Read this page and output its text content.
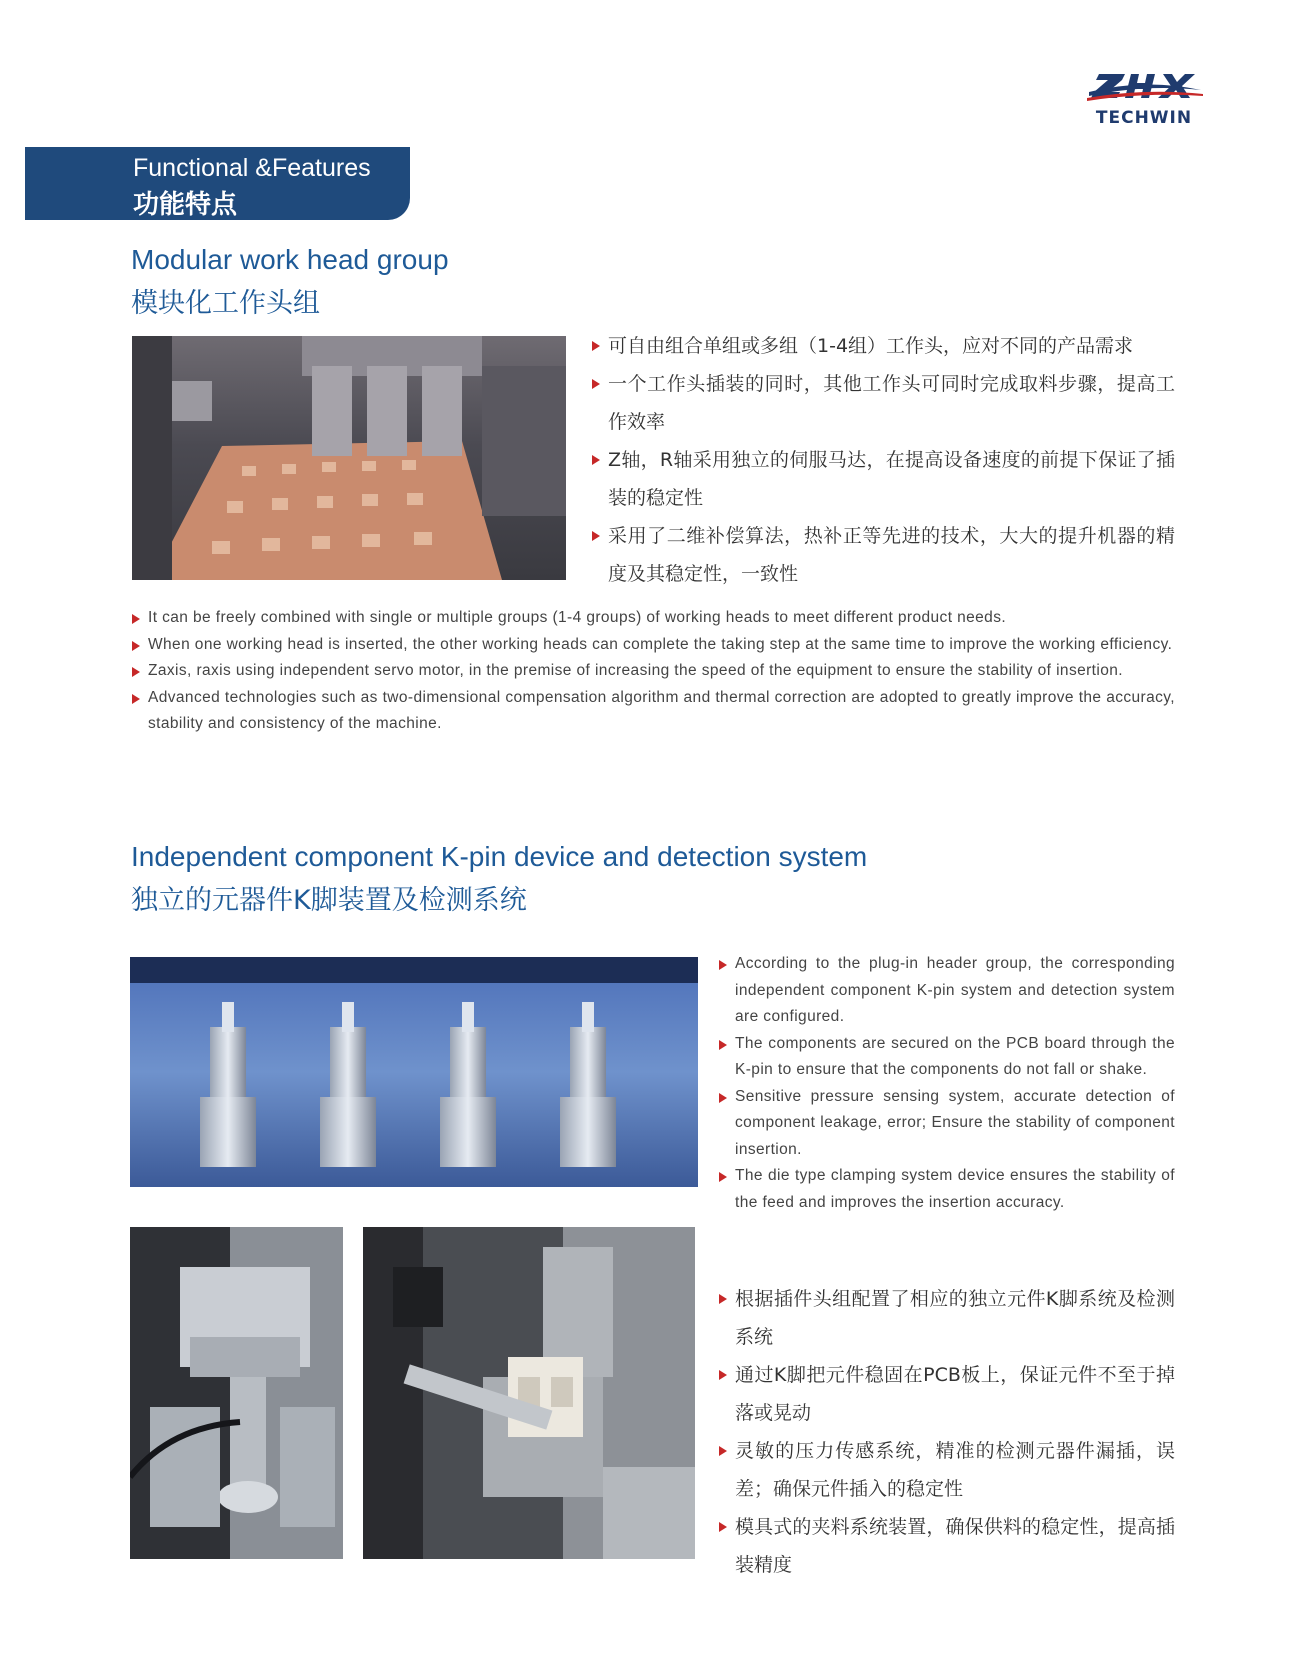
TECHWIN
Functional &Features
功能特点
Modular work head group
模块化工作头组
可自由组合单组或多组（1-4组）工作头，应对不同的产品需求
一个工作头插装的同时，其他工作头可同时完成取料步骤，提高工作效率
Z轴，R轴采用独立的伺服马达，在提高设备速度的前提下保证了插装的稳定性
采用了二维补偿算法，热补正等先进的技术，大大的提升机器的精度及其稳定性，一致性
It can be freely combined with single or multiple groups (1-4 groups) of working heads to meet different product needs.
When one working head is inserted, the other working heads can complete the taking step at the same time to improve the working efficiency.
Zaxis, raxis using independent servo motor, in the premise of increasing the speed of the equipment to ensure the stability of insertion.
Advanced technologies such as two-dimensional compensation algorithm and thermal correction are adopted to greatly improve the accuracy, stability and consistency of the machine.
Independent component K-pin device and detection system
独立的元器件K脚装置及检测系统
According to the plug-in header group, the corresponding independent component K-pin system and detection system are configured.
The components are secured on the PCB board through the K-pin to ensure that the components do not fall or shake.
Sensitive pressure sensing system, accurate detection of component leakage, error; Ensure the stability of component insertion.
The die type clamping system device ensures the stability of the feed and improves the insertion accuracy.
根据插件头组配置了相应的独立元件K脚系统及检测系统
通过K脚把元件稳固在PCB板上，保证元件不至于掉落或晃动
灵敏的压力传感系统，精准的检测元器件漏插，误差；确保元件插入的稳定性
模具式的夹料系统装置，确保供料的稳定性，提高插装精度
